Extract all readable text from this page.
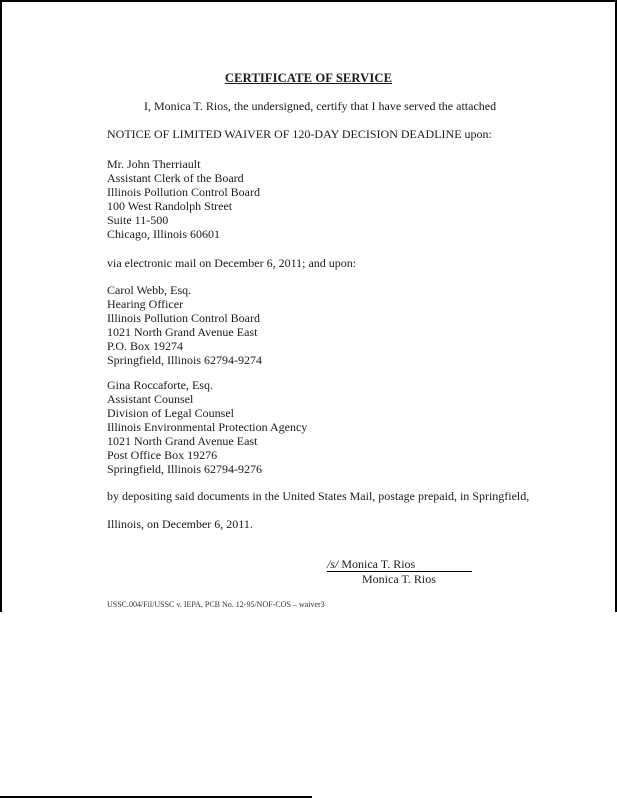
CERTIFICATE OF SERVICE
I, Monica T. Rios, the undersigned, certify that I have served the attached
NOTICE OF LIMITED WAIVER OF 120-DAY DECISION DEADLINE upon:
Mr. John Therriault
Assistant Clerk of the Board
Illinois Pollution Control Board
100 West Randolph Street
Suite 11-500
Chicago, Illinois 60601
via electronic mail on December 6, 2011; and upon:
Carol Webb, Esq.
Hearing Officer
Illinois Pollution Control Board
1021 North Grand Avenue East
P.O. Box 19274
Springfield, Illinois 62794-9274
Gina Roccaforte, Esq.
Assistant Counsel
Division of Legal Counsel
Illinois Environmental Protection Agency
1021 North Grand Avenue East
Post Office Box 19276
Springfield, Illinois 62794-9276
by depositing said documents in the United States Mail, postage prepaid, in Springfield,
Illinois, on December 6, 2011.
/s/ Monica T. Rios
Monica T. Rios
USSC.004/Fil/USSC v. IEPA, PCB No. 12-95/NOF-COS – waiver3
